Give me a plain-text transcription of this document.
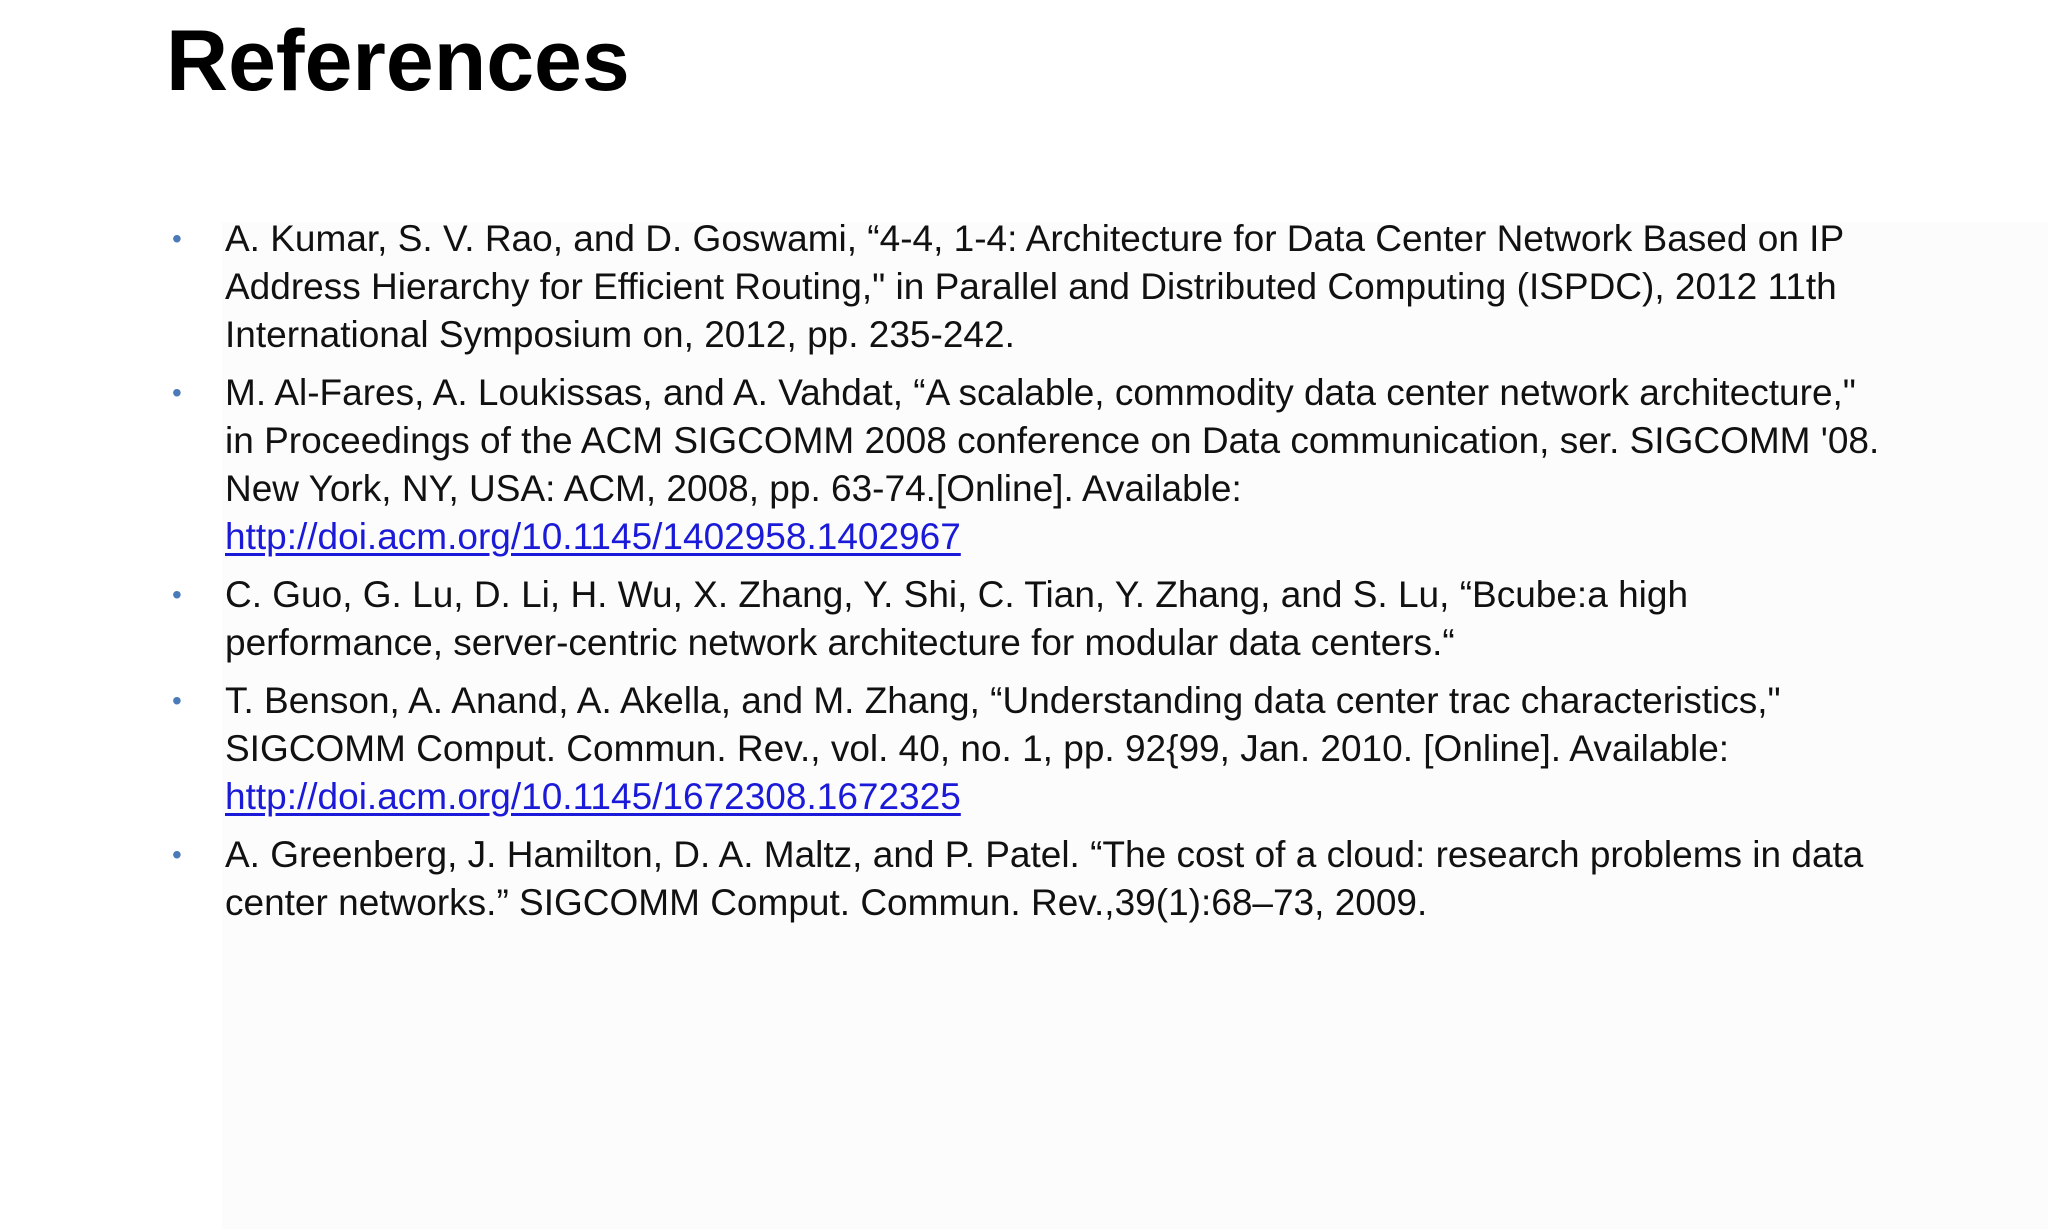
References
• A. Kumar, S. V. Rao, and D. Goswami, “4-4, 1-4: Architecture for Data Center Network Based on IP Address Hierarchy for Efficient Routing," in Parallel and Distributed Computing (ISPDC), 2012 11th International Symposium on, 2012, pp. 235-242.
• M. Al-Fares, A. Loukissas, and A. Vahdat, “A scalable, commodity data center network architecture," in Proceedings of the ACM SIGCOMM 2008 conference on Data communication, ser. SIGCOMM '08. New York, NY, USA: ACM, 2008, pp. 63-74.[Online]. Available: http://doi.acm.org/10.1145/1402958.1402967
• C. Guo, G. Lu, D. Li, H. Wu, X. Zhang, Y. Shi, C. Tian, Y. Zhang, and S. Lu, “Bcube:a high performance, server-centric network architecture for modular data centers.“
• T. Benson, A. Anand, A. Akella, and M. Zhang, “Understanding data center trac characteristics," SIGCOMM Comput. Commun. Rev., vol. 40, no. 1, pp. 92{99, Jan. 2010. [Online]. Available: http://doi.acm.org/10.1145/1672308.1672325
• A. Greenberg, J. Hamilton, D. A. Maltz, and P. Patel. “The cost of a cloud: research problems in data center networks.” SIGCOMM Comput. Commun. Rev.,39(1):68–73, 2009.
